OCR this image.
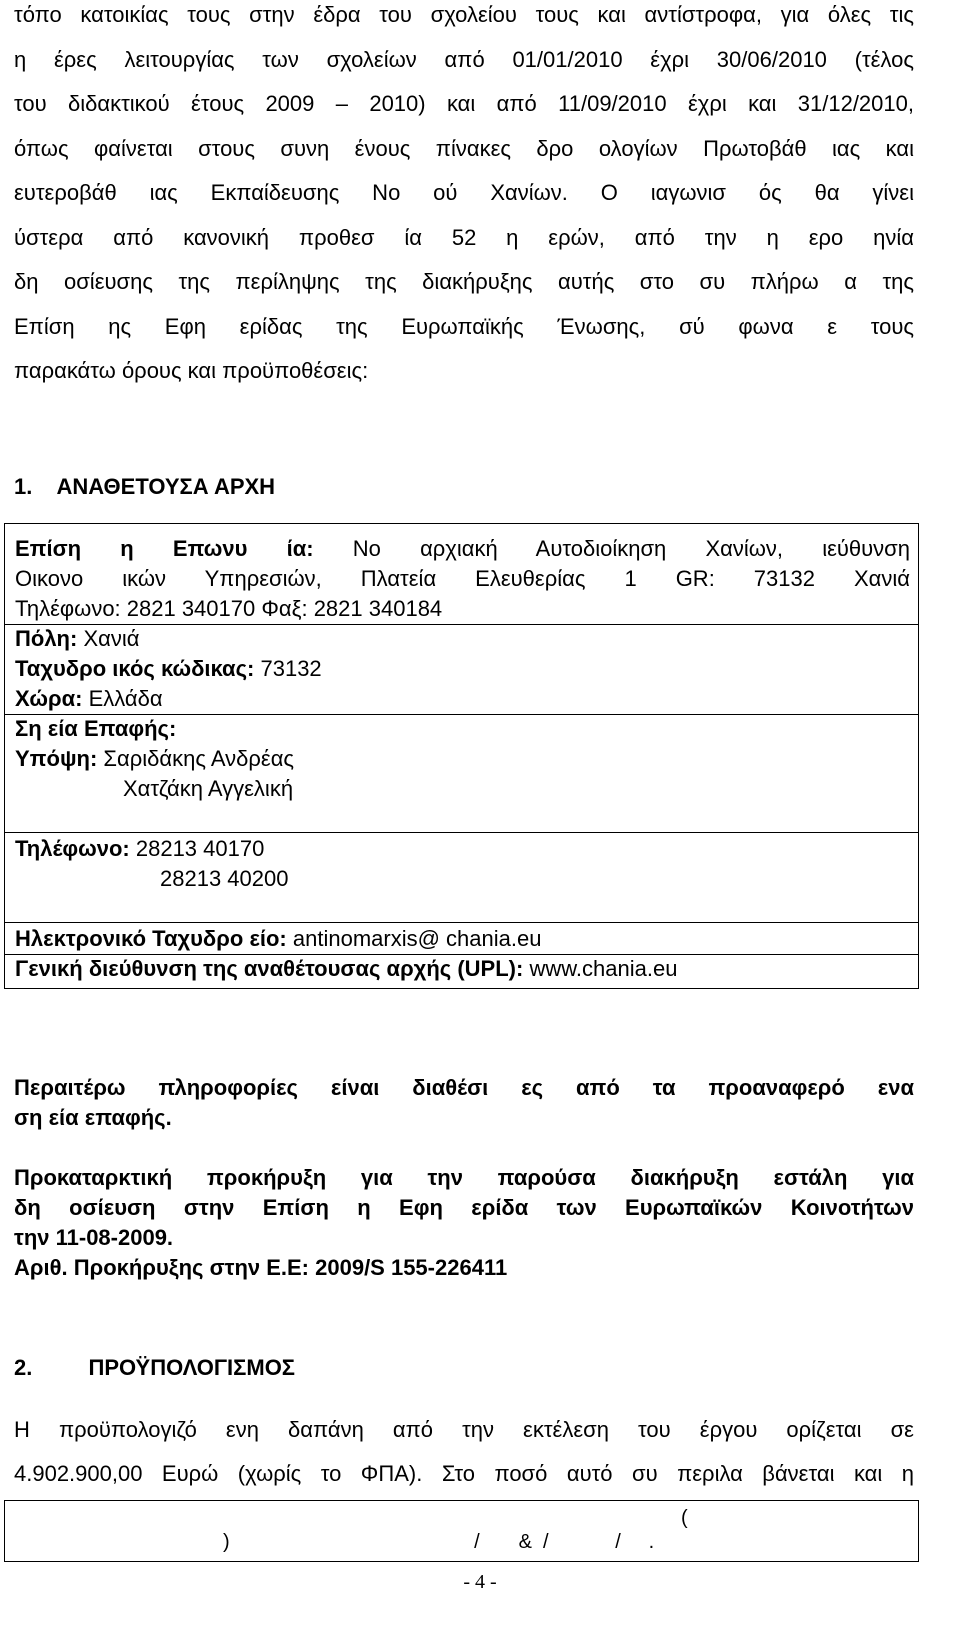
τόπο κατοικίας τους στην έδρα του σχολείου τους και αντίστροφα, για όλες τις
η έρες λειτουργίας των σχολείων από 01/01/2010 έχρι 30/06/2010 (τέλος
του διδακτικού έτους 2009 – 2010) και από 11/09/2010 έχρι και 31/12/2010,
όπως φαίνεται στους συνη ένους πίνακες δρο ολογίων Πρωτοβάθ ιας και
ευτεροβάθ ιας Εκπαίδευσης Νο ού Χανίων. Ο ιαγωνισ ός θα γίνει
ύστερα από κανονική προθεσ ία 52 η ερών, από την η ερο ηνία
δη οσίευσης της περίληψης της διακήρυξης αυτής στο συ πλήρω α της
Επίση ης Εφη ερίδας της Ευρωπαϊκής Ένωσης, σύ φωνα ε τους
παρακάτω όρους και προϋποθέσεις:
1. ΑΝΑΘΕΤΟΥΣΑ ΑΡΧΗ
Επίση η Επωνυ ία: Νο αρχιακή Αυτοδιοίκηση Χανίων, ιεύθυνση
Οικονο ικών Υπηρεσιών, Πλατεία Ελευθερίας 1 GR: 73132 Χανιά
Τηλέφωνο: 2821 340170 Φαξ: 2821 340184
Πόλη: Χανιά
Ταχυδρο ικός κώδικας: 73132
Χώρα: Ελλάδα
Ση εία Επαφής:
Υπόψη: Σαριδάκης Ανδρέας
Χατζάκη Αγγελική
Τηλέφωνο: 28213 40170
28213 40200
Ηλεκτρονικό Ταχυδρο είο: antinomarxis@ chania.eu
Γενική διεύθυνση της αναθέτουσας αρχής (UPL): www.chania.eu
Περαιτέρω πληροφορίες είναι διαθέσι ες από τα προαναφερό ενα
ση εία επαφής.
Προκαταρκτική προκήρυξη για την παρούσα διακήρυξη εστάλη για
δη οσίευση στην Επίση η Εφη ερίδα των Ευρωπαϊκών Κοινοτήτων
την 11-08-2009.
Αριθ. Προκήρυξης στην Ε.Ε: 2009/S 155-226411
2.	ΠΡΟΫΠΟΛΟΓΙΣΜΟΣ
Η προϋπολογιζό ενη δαπάνη από την εκτέλεση του έργου ορίζεται σε
4.902.900,00 Ευρώ (χωρίς το ΦΠΑ). Στο ποσό αυτό συ περιλα βάνεται και η
(
)                                            /       &  /            /     .
- 4 -
